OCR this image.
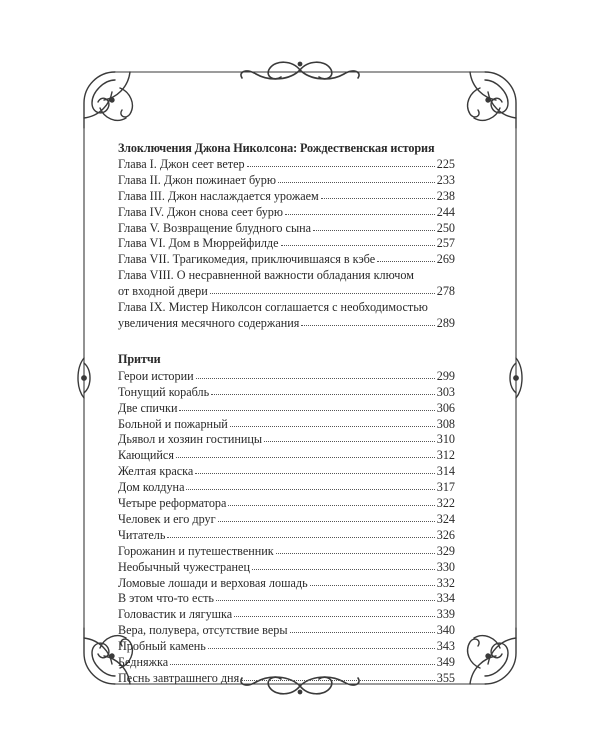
Злоключения Джона Николсона: Рождественская история
Глава I. Джон сеет ветер	225
Глава II. Джон пожинает бурю	233
Глава III. Джон наслаждается урожаем	238
Глава IV. Джон снова сеет бурю	244
Глава V. Возвращение блудного сына	250
Глава VI. Дом в Мюррейфилде	257
Глава VII. Трагикомедия, приключившаяся в кэбе	269
Глава VIII. О несравненной важности обладания ключом
от входной двери	278
Глава IX. Мистер Николсон соглашается с необходимостью
увеличения месячного содержания	289
Притчи
Герои истории	299
Тонущий корабль	303
Две спички	306
Больной и пожарный	308
Дьявол и хозяин гостиницы	310
Кающийся	312
Желтая краска	314
Дом колдуна	317
Четыре реформатора	322
Человек и его друг	324
Читатель	326
Горожанин и путешественник	329
Необычный чужестранец	330
Ломовые лошади и верховая лошадь	332
В этом что-то есть	334
Головастик и лягушка	339
Вера, полувера, отсутствие веры	340
Пробный камень	343
Бедняжка	349
Песнь завтрашнего дня	355
